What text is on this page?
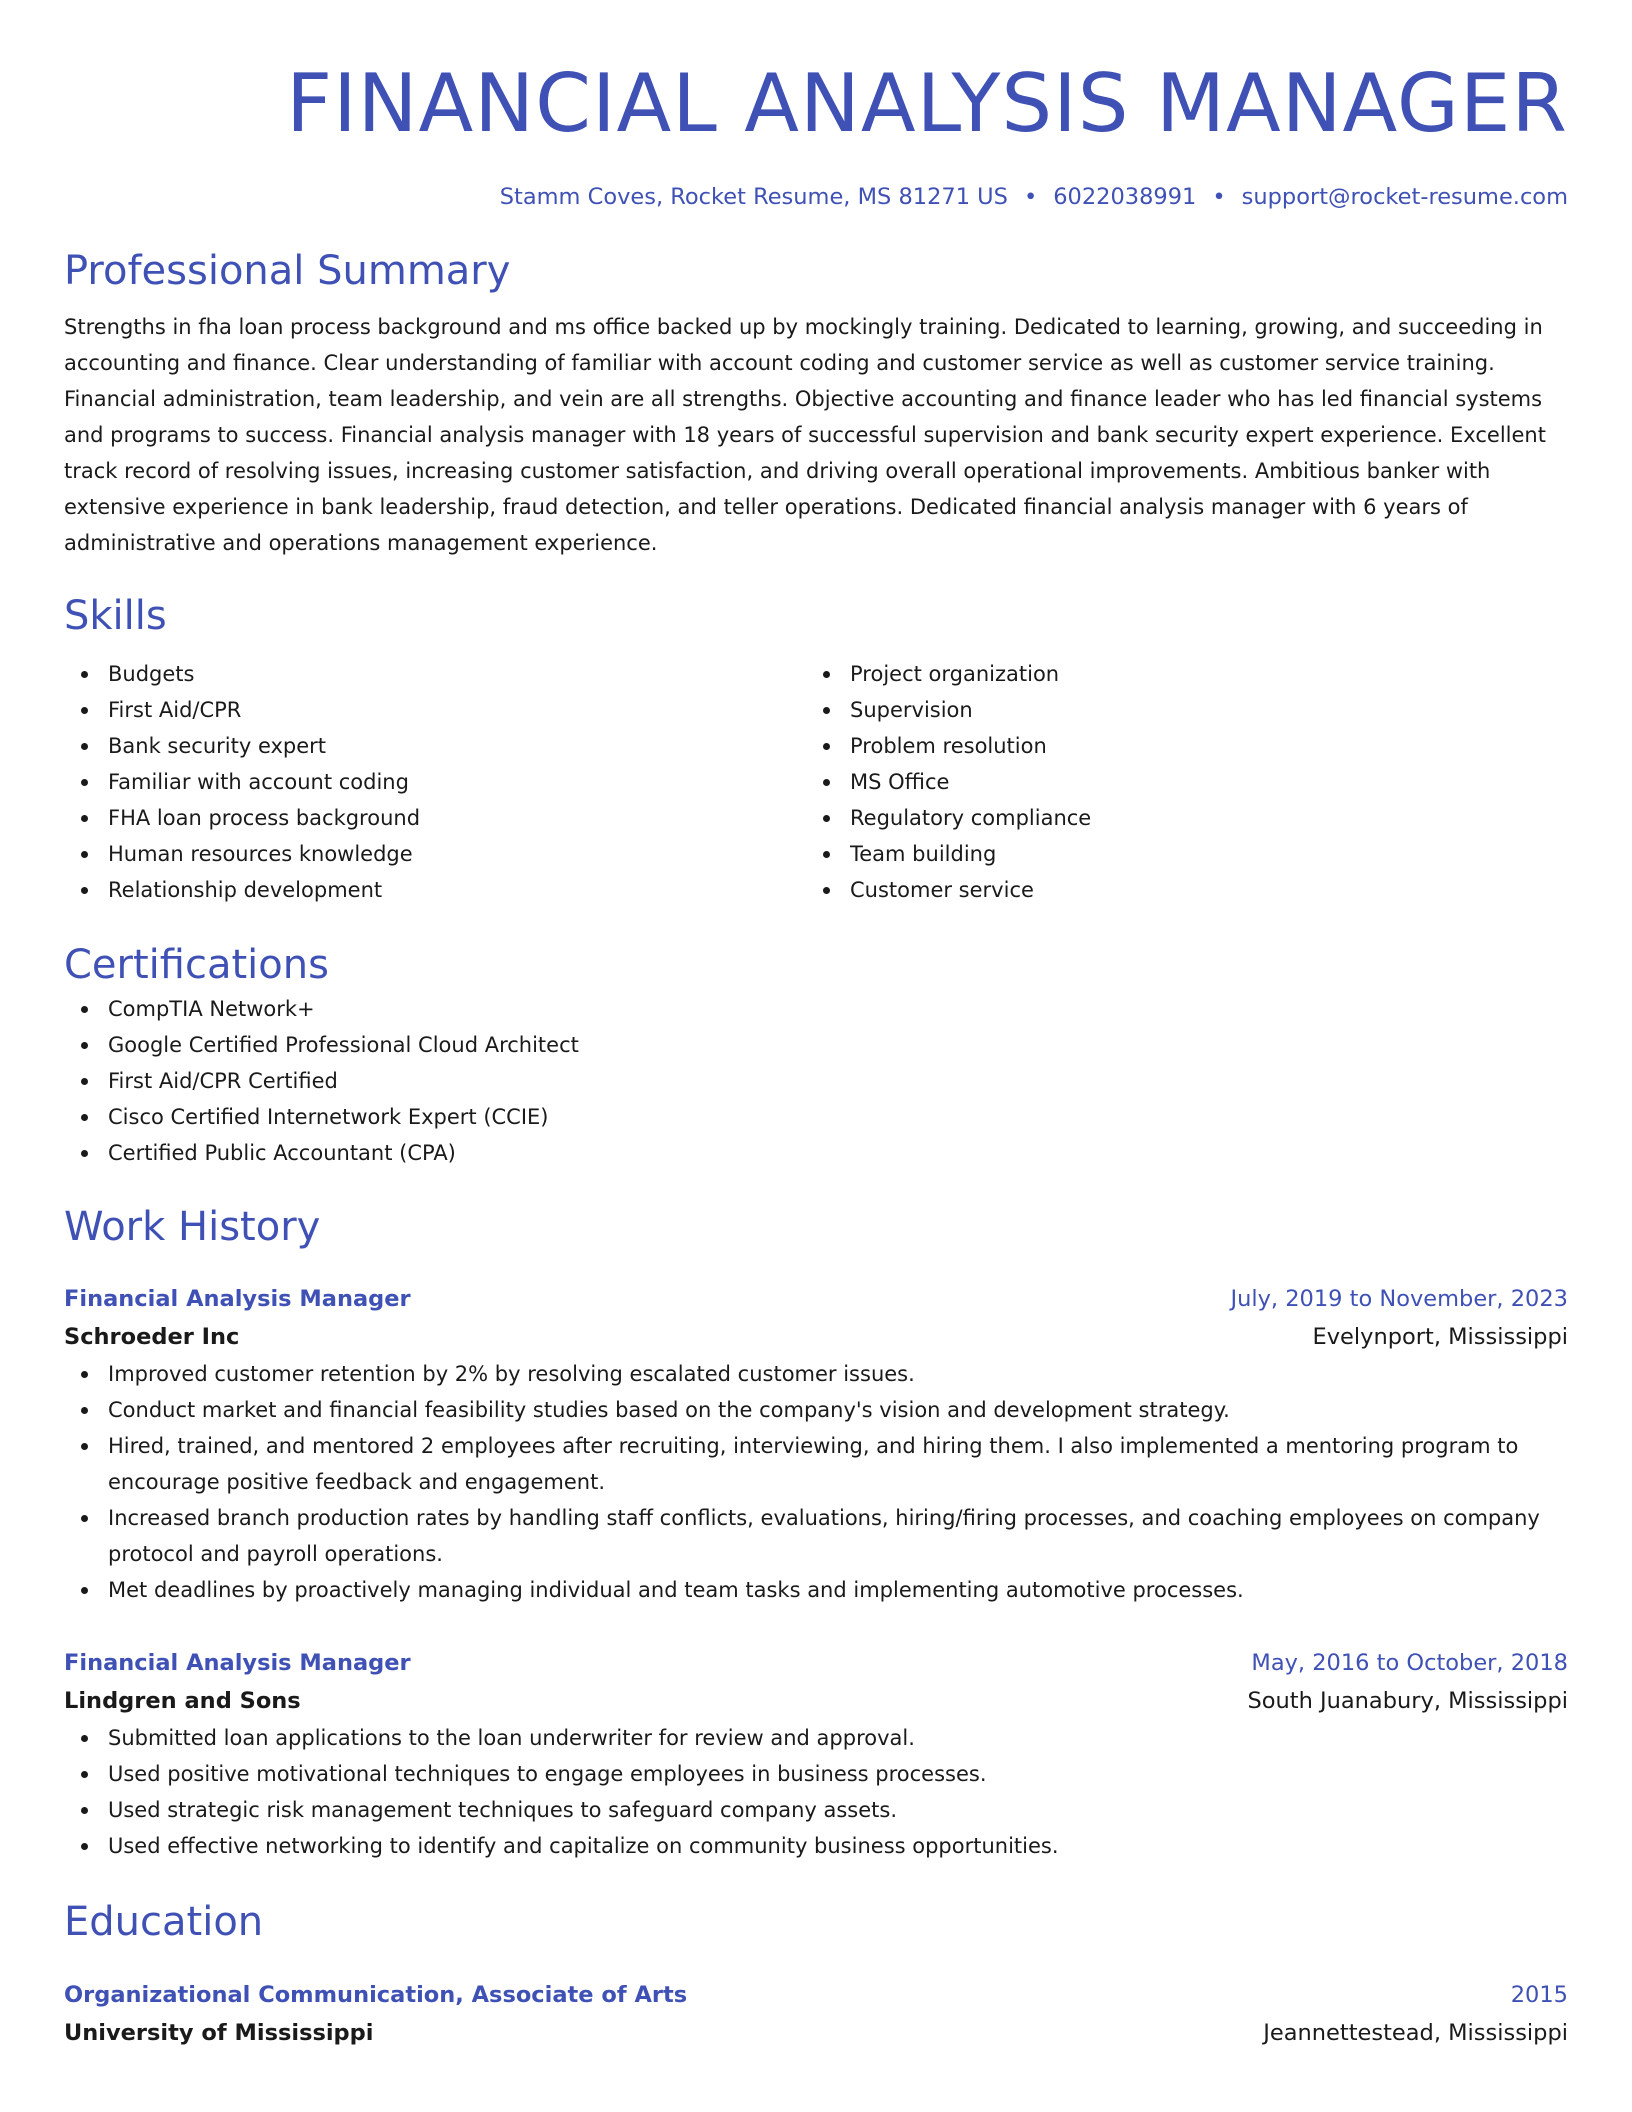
FINANCIAL ANALYSIS MANAGER
Stamm Coves, Rocket Resume, MS 81271 US • 6022038991 • support@rocket-resume.com
Professional Summary

Strengths in fha loan process background and ms office backed up by mockingly training. Dedicated to learning, growing, and succeeding in accounting and finance. Clear understanding of familiar with account coding and customer service as well as customer service training. Financial administration, team leadership, and vein are all strengths. Objective accounting and finance leader who has led financial systems and programs to success. Financial analysis manager with 18 years of successful supervision and bank security expert experience. Excellent track record of resolving issues, increasing customer satisfaction, and driving overall operational improvements. Ambitious banker with extensive experience in bank leadership, fraud detection, and teller operations. Dedicated financial analysis manager with 6 years of administrative and operations management experience.

Skills
Budgets
First Aid/CPR
Bank security expert
Familiar with account coding
FHA loan process background
Human resources knowledge
Relationship development
Project organization
Supervision
Problem resolution
MS Office
Regulatory compliance
Team building
Customer service
Certifications
CompTIA Network+
Google Certified Professional Cloud Architect
First Aid/CPR Certified
Cisco Certified Internetwork Expert (CCIE)
Certified Public Accountant (CPA)
Work History
Financial Analysis Manager	July, 2019 to November, 2023
Schroeder Inc	Evelynport, Mississippi
Improved customer retention by 2% by resolving escalated customer issues.
Conduct market and financial feasibility studies based on the company's vision and development strategy.
Hired, trained, and mentored 2 employees after recruiting, interviewing, and hiring them. I also implemented a mentoring program to encourage positive feedback and engagement.
Increased branch production rates by handling staff conflicts, evaluations, hiring/firing processes, and coaching employees on company protocol and payroll operations.
Met deadlines by proactively managing individual and team tasks and implementing automotive processes.
Financial Analysis Manager	May, 2016 to October, 2018
Lindgren and Sons	South Juanabury, Mississippi
Submitted loan applications to the loan underwriter for review and approval.
Used positive motivational techniques to engage employees in business processes.
Used strategic risk management techniques to safeguard company assets.
Used effective networking to identify and capitalize on community business opportunities.
Education
Organizational Communication, Associate of Arts	2015
University of Mississippi	Jeannettestead, Mississippi
